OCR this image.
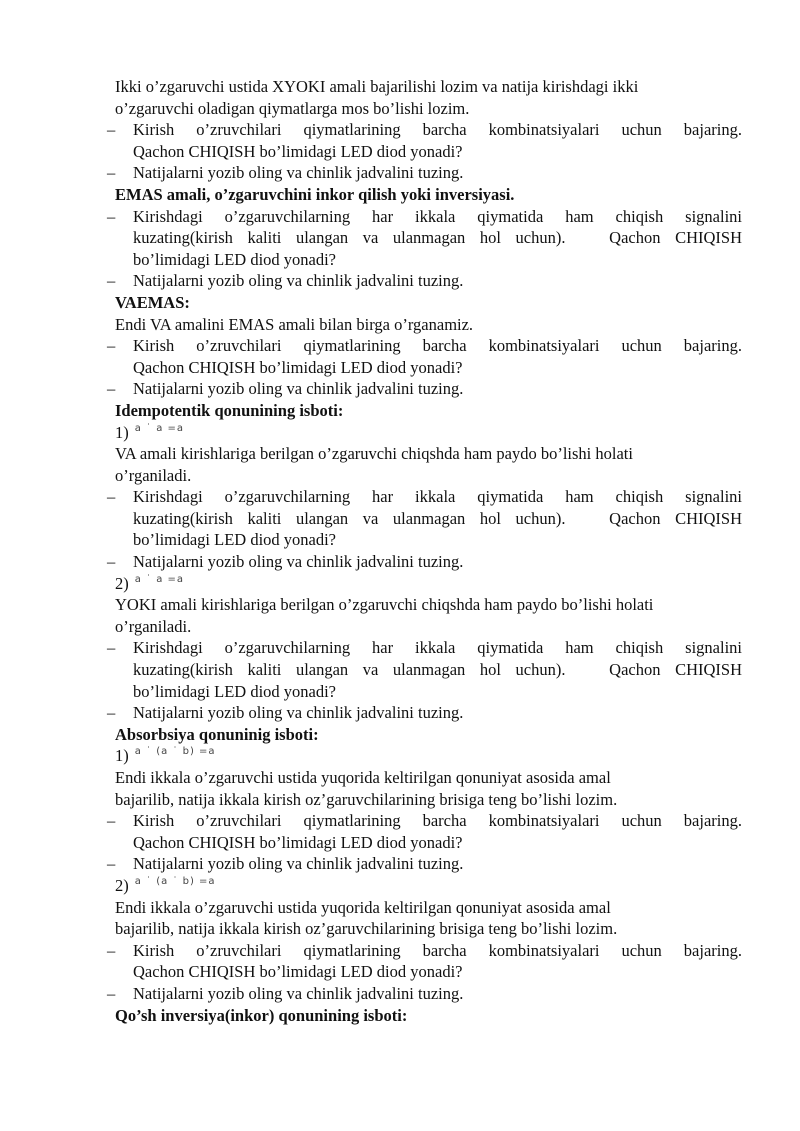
Ikki o’zgaruvchi ustida XYOKI amali bajarilishi lozim va natija kirishdagi ikki

o’zgaruvchi oladigan qiymatlarga mos bo’lishi lozim.

–	Kirish o’zruvchilari qiymatlarining barcha kombinatsiyalari uchun bajaring.
Qachon CHIQISH bo’limidagi LED diod yonadi?
–	Natijalarni yozib oling va chinlik jadvalini tuzing.

EMAS amali, o’zgaruvchini inkor qilish yoki inversiyasi.

–	Kirishdagi o’zgaruvchilarning har ikkala qiymatida ham chiqish signalini
kuzating(kirish kaliti ulangan va ulanmagan hol uchun).   Qachon CHIQISH
bo’limidagi LED diod yonadi?
–	Natijalarni yozib oling va chinlik jadvalini tuzing.

VAEMAS:

Endi VA amalini EMAS amali bilan birga o’rganamiz.

–	Kirish o’zruvchilari qiymatlarining barcha kombinatsiyalari uchun bajaring.
Qachon CHIQISH bo’limidagi LED diod yonadi?
–	Natijalarni yozib oling va chinlik jadvalini tuzing.

Idempotentik qonunining isboti:

1) $^{a ˙ a =a}$

VA amali kirishlariga berilgan o’zgaruvchi chiqshda ham paydo bo’lishi holati

o’rganiladi.

–	Kirishdagi o’zgaruvchilarning har ikkala qiymatida ham chiqish signalini
kuzating(kirish kaliti ulangan va ulanmagan hol uchun).   Qachon CHIQISH
bo’limidagi LED diod yonadi?
–	Natijalarni yozib oling va chinlik jadvalini tuzing.

2) $^{a ˙ a =a}$

YOKI amali kirishlariga berilgan o’zgaruvchi chiqshda ham paydo bo’lishi holati

o’rganiladi.

–	Kirishdagi o’zgaruvchilarning har ikkala qiymatida ham chiqish signalini
kuzating(kirish kaliti ulangan va ulanmagan hol uchun).   Qachon CHIQISH
bo’limidagi LED diod yonadi?
–	Natijalarni yozib oling va chinlik jadvalini tuzing.

Absorbsiya qonuninig isboti:

1) $^{a ˙ (a ˙ b) =a}$

Endi ikkala o’zgaruvchi ustida yuqorida keltirilgan qonuniyat asosida amal

bajarilib, natija ikkala kirish oz’garuvchilarining brisiga teng bo’lishi lozim.

–	Kirish o’zruvchilari qiymatlarining barcha kombinatsiyalari uchun bajaring.
Qachon CHIQISH bo’limidagi LED diod yonadi?
–	Natijalarni yozib oling va chinlik jadvalini tuzing.

2) $^{a ˙ (a ˙ b) =a}$

Endi ikkala o’zgaruvchi ustida yuqorida keltirilgan qonuniyat asosida amal

bajarilib, natija ikkala kirish oz’garuvchilarining brisiga teng bo’lishi lozim.

–	Kirish o’zruvchilari qiymatlarining barcha kombinatsiyalari uchun bajaring.
Qachon CHIQISH bo’limidagi LED diod yonadi?
–	Natijalarni yozib oling va chinlik jadvalini tuzing.

Qo’sh inversiya(inkor) qonunining isboti:
